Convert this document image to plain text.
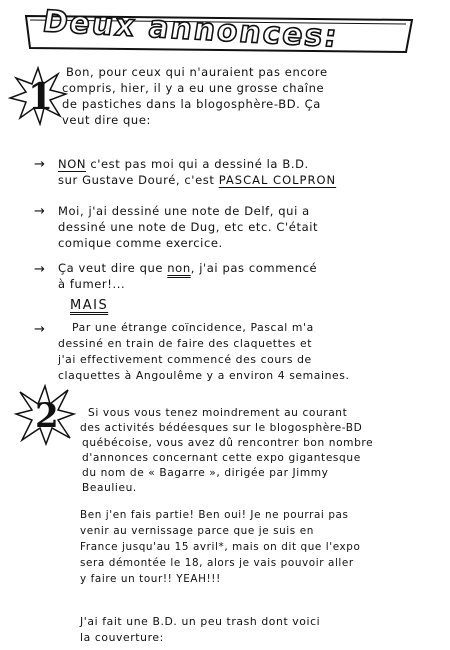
Deux annonces:
1
Bon, pour ceux qui n'auraient pas encore
compris, hier, il y a eu une grosse chaîne
de pastiches dans la blogosphère-BD. Ça
veut dire que:
→ NON c'est pas moi qui a dessiné la B.D.
sur Gustave Douré, c'est PASCAL COLPRON
→ Moi, j'ai dessiné une note de Delf, qui a
dessiné une note de Dug, etc etc. C'était
comique comme exercice.
→ Ça veut dire que non, j'ai pas commencé
à fumer!...
MAIS
→	Par une étrange coïncidence, Pascal m'a
dessiné en train de faire des claquettes et
j'ai effectivement commencé des cours de
claquettes à Angoulême y a environ 4 semaines.
2	Si vous vous tenez moindrement au courant
des activités bédéesques sur le blogosphère-BD
québécoise, vous avez dû rencontrer bon nombre
d'annonces concernant cette expo gigantesque
du nom de « Bagarre », dirigée par Jimmy
Beaulieu.
Ben j'en fais partie! Ben oui! Je ne pourrai pas
venir au vernissage parce que je suis en
France jusqu'au 15 avril*, mais on dit que l'expo
sera démontée le 18, alors je vais pouvoir aller
y faire un tour!! YEAH!!!
J'ai fait une B.D. un peu trash dont voici
la couverture:
